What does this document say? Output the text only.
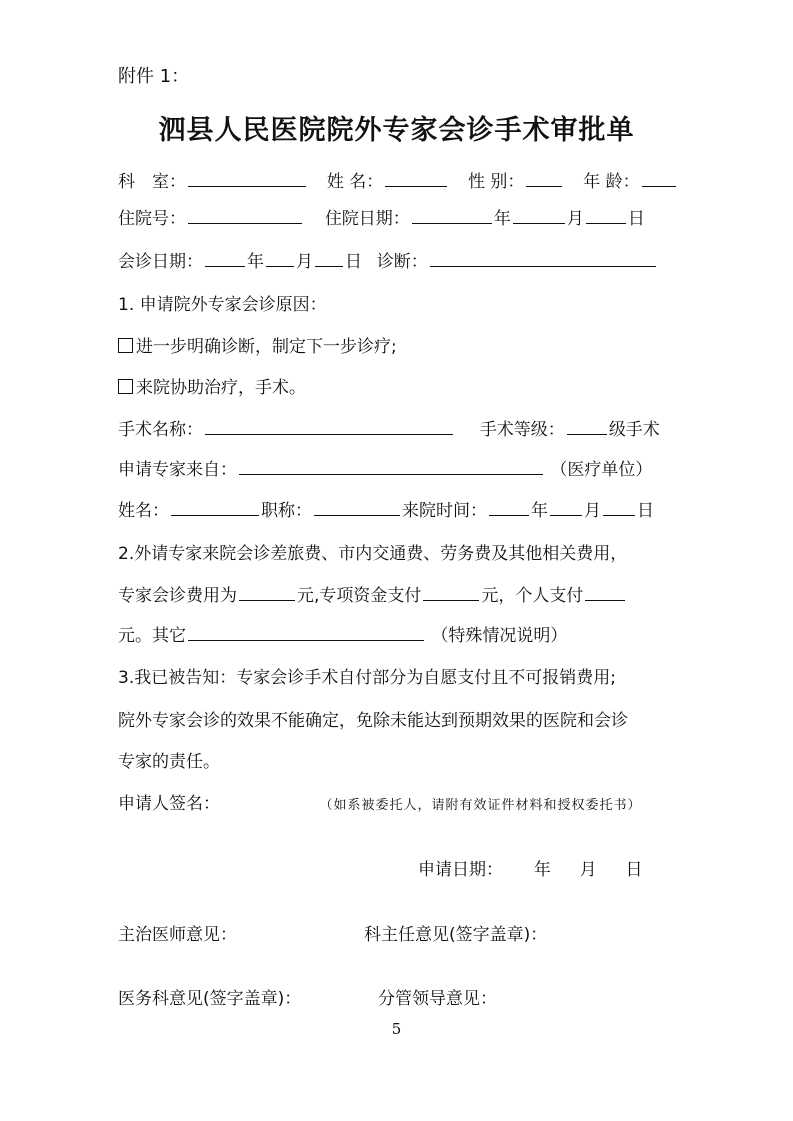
附件 1：
泗县人民医院院外专家会诊手术审批单
科　室：	姓 名：	性 别：	年 龄：
住院号：	住院日期：	年	月	日
会诊日期：	年 月 日 诊断：
1. 申请院外专家会诊原因：
进一步明确诊断，制定下一步诊疗;
来院协助治疗，手术。
手术名称：	手术等级：	级手术
申请专家来自：	（医疗单位）
姓名：	职称：	来院时间：	年 月 日
2.外请专家来院会诊差旅费、市内交通费、劳务费及其他相关费用，
专家会诊费用为	元,专项资金支付	元，个人支付
元。其它	（特殊情况说明）
3.我已被告知：专家会诊手术自付部分为自愿支付且不可报销费用;
院外专家会诊的效果不能确定，免除未能达到预期效果的医院和会诊
专家的责任。
申请人签名：	（如系被委托人，请附有效证件材料和授权委托书）
申请日期： 年 月 日
主治医师意见：	科主任意见(签字盖章)：
医务科意见(签字盖章)：	分管领导意见：
5
